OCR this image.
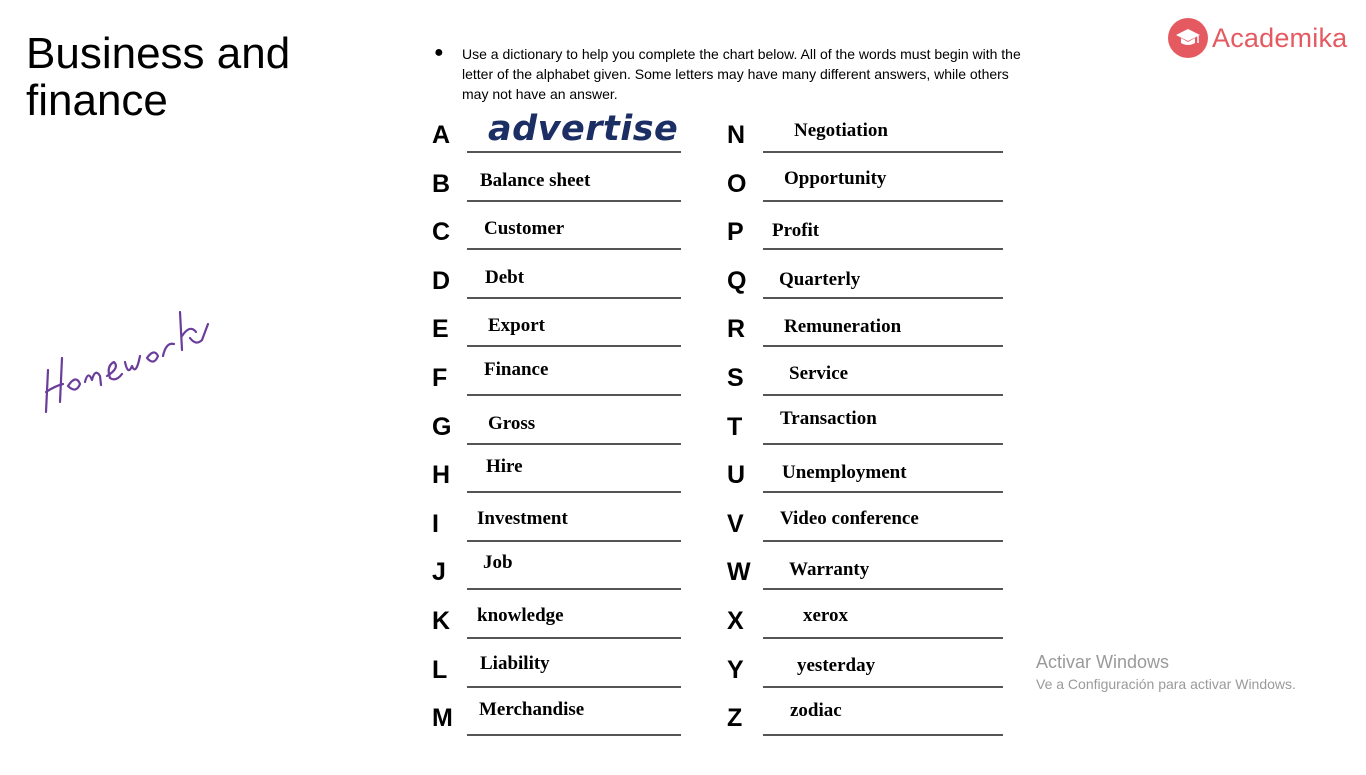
Business and finance
Academika
●	Use a dictionary to help you complete the chart below. All of the words must begin with the letter of the alphabet given. Some letters may have many different answers, while others may not have an answer.
A	advertise
B	Balance sheet
C	Customer
D	Debt
E	Export
F	Finance
G	Gross
H	Hire
I	Investment
J	Job
K	knowledge
L	Liability
M	Merchandise
N	Negotiation
O	Opportunity
P	Profit
Q	Quarterly
R	Remuneration
S	Service
T	Transaction
U	Unemployment
V	Video conference
W	Warranty
X	xerox
Y	yesterday
Z	zodiac
Activar Windows
Ve a Configuración para activar Windows.
